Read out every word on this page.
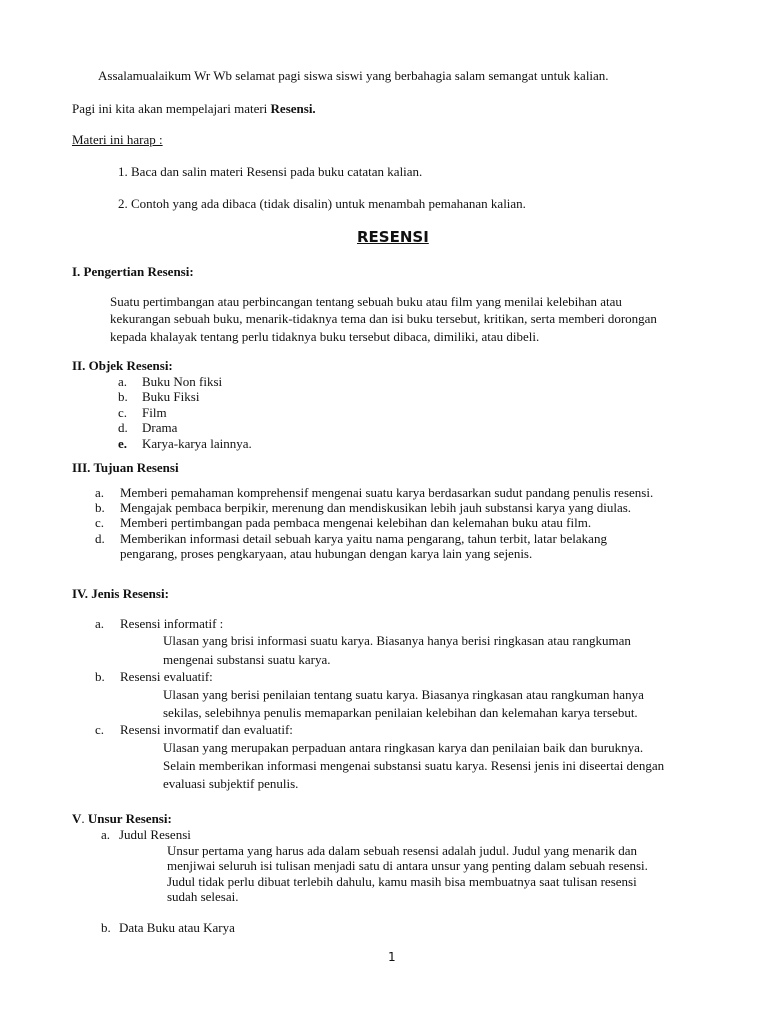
Assalamualaikum Wr Wb selamat pagi siswa siswi yang berbahagia salam semangat untuk kalian.
Pagi ini kita akan mempelajari materi Resensi.
Materi ini harap :
1. Baca dan salin materi Resensi pada buku catatan kalian.
2. Contoh yang ada dibaca (tidak disalin) untuk menambah pemahanan kalian.
RESENSI
I. Pengertian Resensi:
Suatu pertimbangan atau perbincangan tentang sebuah buku atau film yang menilai kelebihan atau
kekurangan sebuah buku, menarik-tidaknya tema dan isi buku tersebut, kritikan, serta memberi dorongan
kepada khalayak tentang perlu tidaknya buku tersebut dibaca, dimiliki, atau dibeli.
II. Objek Resensi:
a. Buku Non fiksi
b. Buku Fiksi
c. Film
d. Drama
e. Karya-karya lainnya.
III. Tujuan Resensi
a. Memberi pemahaman komprehensif mengenai suatu karya berdasarkan sudut pandang penulis resensi.
b. Mengajak pembaca berpikir, merenung dan mendiskusikan lebih jauh substansi karya yang diulas.
c. Memberi pertimbangan pada pembaca mengenai kelebihan dan kelemahan buku atau film.
d. Memberikan informasi detail sebuah karya yaitu nama pengarang, tahun terbit, latar belakang
pengarang, proses pengkaryaan, atau hubungan dengan karya lain yang sejenis.
IV. Jenis Resensi:
a. Resensi informatif :
Ulasan yang brisi informasi suatu karya. Biasanya hanya berisi ringkasan atau rangkuman
mengenai substansi suatu karya.
b. Resensi evaluatif:
Ulasan yang berisi penilaian tentang suatu karya. Biasanya ringkasan atau rangkuman hanya
sekilas, selebihnya penulis memaparkan penilaian kelebihan dan kelemahan karya tersebut.
c. Resensi invormatif dan evaluatif:
Ulasan yang merupakan perpaduan antara ringkasan karya dan penilaian baik dan buruknya.
Selain memberikan informasi mengenai substansi suatu karya. Resensi jenis ini diseertai dengan
evaluasi subjektif penulis.
V. Unsur Resensi:
a. Judul Resensi
Unsur pertama yang harus ada dalam sebuah resensi adalah judul. Judul yang menarik dan
menjiwai seluruh isi tulisan menjadi satu di antara unsur yang penting dalam sebuah resensi.
Judul tidak perlu dibuat terlebih dahulu, kamu masih bisa membuatnya saat tulisan resensi
sudah selesai.
b. Data Buku atau Karya
1
